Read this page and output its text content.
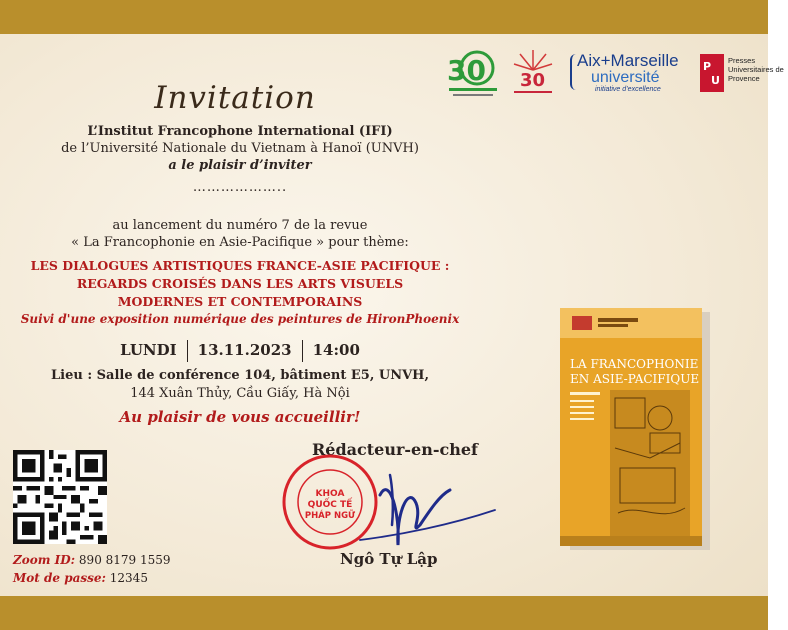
30 30
Aix+Marseille
université
initiative d’excellence
P
U
Presses Universitaires de Provence
Invitation
L’Institut Francophone International (IFI)
de l’Université Nationale du Vietnam à Hanoï (UNVH)
a le plaisir d’inviter
………………..
au lancement du numéro 7 de la revue
« La Francophonie en Asie-Pacifique » pour thème:
LES DIALOGUES ARTISTIQUES FRANCE-ASIE PACIFIQUE :
REGARDS CROISÉS DANS LES ARTS VISUELS
MODERNES ET CONTEMPORAINS
Suivi d'une exposition numérique des peintures de HironPhoenix
LUNDI 13.11.2023 14:00
Lieu : Salle de conférence 104, bâtiment E5, UNVH,
144 Xuân Thủy, Cầu Giấy, Hà Nội
Au plaisir de vous accueillir!
Zoom ID: 890 8179 1559
Mot de passe: 12345
Rédacteur-en-chef
KHOA
QUỐC TẾ
PHÁP NGỮ
Ngô Tự Lập
LA FRANCOPHONIE
EN ASIE-PACIFIQUE
